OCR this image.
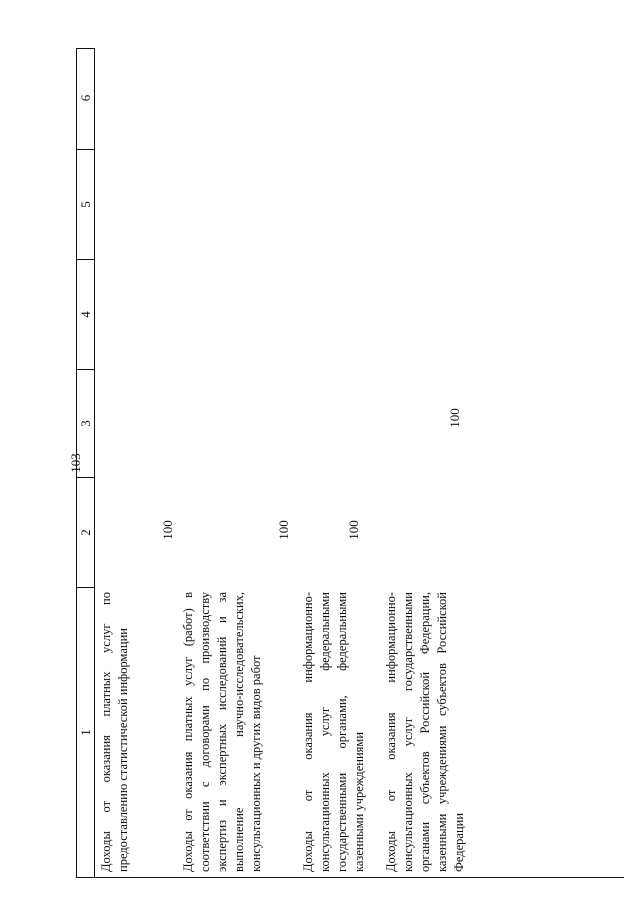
103
1
2
3
4
5
6
Доходы от оказания платных услуг по предоставлению статистической информации
100
Доходы от оказания платных услуг (работ) в соответствии с договорами по производству экспертиз и экспертных исследований и за выполнение научно-исследовательских, консультационных и других видов работ
100
Доходы от оказания информационно-консультационных услуг федеральными государственными органами, федеральными казенными учреждениями
100
Доходы от оказания информационно-консультационных услуг государственными органами субъектов Российской Федерации, казенными учреждениями субъектов Российской Федерации
100
